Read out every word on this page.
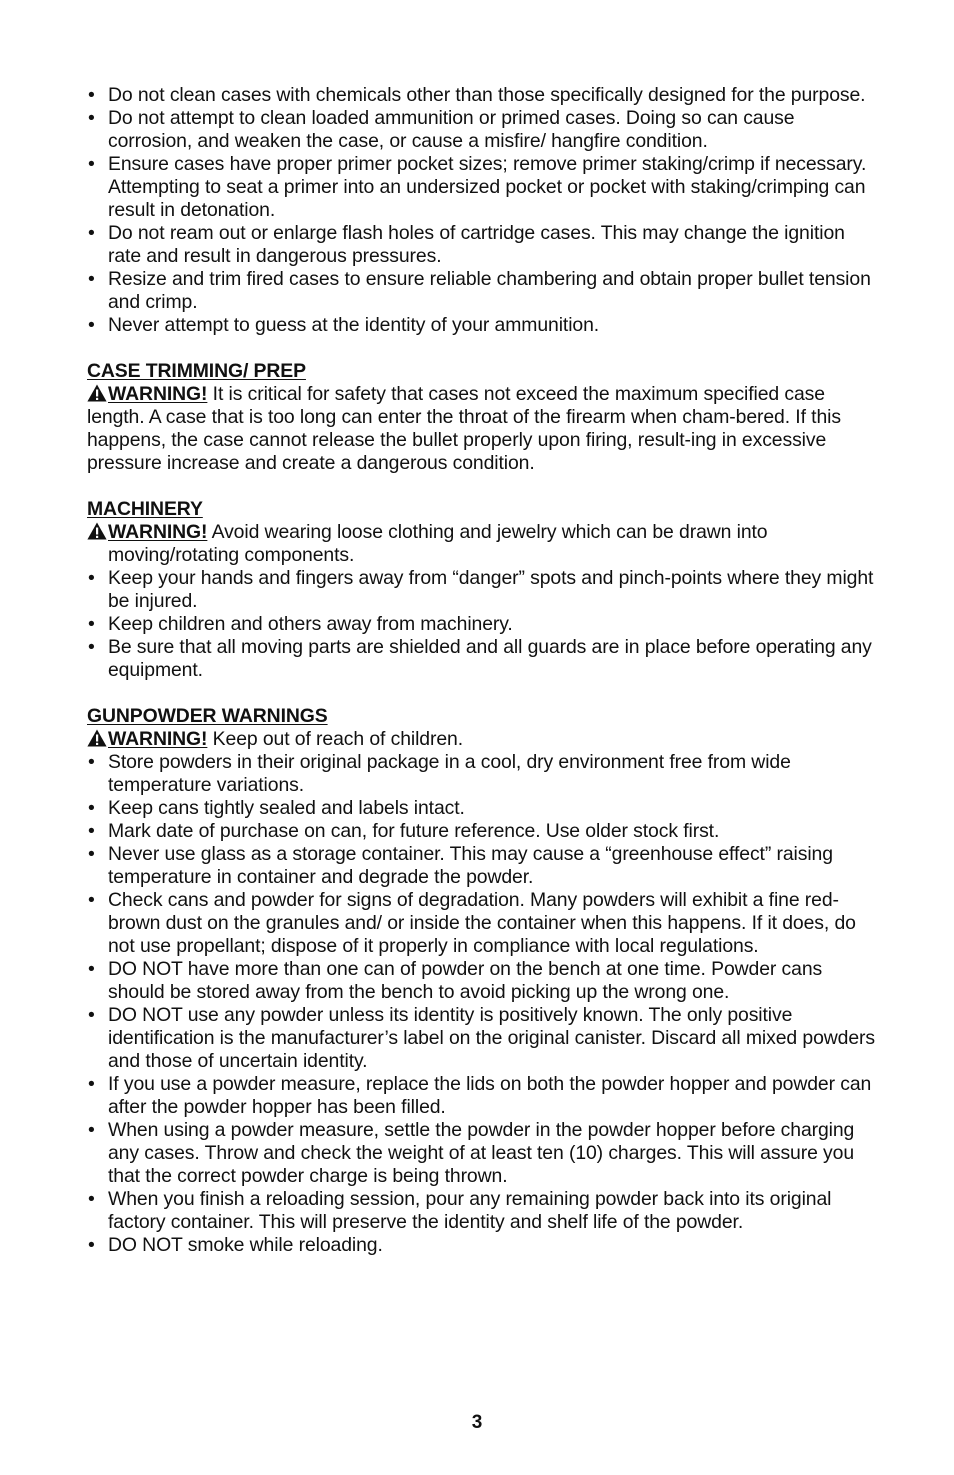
• Do not clean cases with chemicals other than those specifically designed for the purpose.
• Do not attempt to clean loaded ammunition or primed cases. Doing so can cause corrosion, and weaken the case, or cause a misfire/ hangfire condition.
• Ensure cases have proper primer pocket sizes; remove primer staking/crimp if necessary. Attempting to seat a primer into an undersized pocket or pocket with staking/crimping can result in detonation.
• Do not ream out or enlarge flash holes of cartridge cases. This may change the ignition rate and result in dangerous pressures.
• Resize and trim fired cases to ensure reliable chambering and obtain proper bullet tension and crimp.
• Never attempt to guess at the identity of your ammunition.
CASE TRIMMING/ PREP
WARNING! It is critical for safety that cases not exceed the maximum specified case length. A case that is too long can enter the throat of the firearm when cham-bered. If this happens, the case cannot release the bullet properly upon firing, result-ing in excessive pressure increase and create a dangerous condition.
MACHINERY
WARNING! Avoid wearing loose clothing and jewelry which can be drawn into moving/rotating components.
• Keep your hands and fingers away from “danger” spots and pinch-points where they might be injured.
• Keep children and others away from machinery.
• Be sure that all moving parts are shielded and all guards are in place before operating any equipment.
GUNPOWDER WARNINGS
WARNING! Keep out of reach of children.
• Store powders in their original package in a cool, dry environment free from wide temperature variations.
• Keep cans tightly sealed and labels intact.
• Mark date of purchase on can, for future reference. Use older stock first.
• Never use glass as a storage container. This may cause a “greenhouse effect” raising temperature in container and degrade the powder.
• Check cans and powder for signs of degradation. Many powders will exhibit a fine red-brown dust on the granules and/ or inside the container when this happens. If it does, do not use propellant; dispose of it properly in compliance with local regulations.
• DO NOT have more than one can of powder on the bench at one time. Powder cans should be stored away from the bench to avoid picking up the wrong one.
• DO NOT use any powder unless its identity is positively known. The only positive identification is the manufacturer’s label on the original canister. Discard all mixed powders and those of uncertain identity.
• If you use a powder measure, replace the lids on both the powder hopper and powder can after the powder hopper has been filled.
• When using a powder measure, settle the powder in the powder hopper before charging any cases. Throw and check the weight of at least ten (10) charges. This will assure you that the correct powder charge is being thrown.
• When you finish a reloading session, pour any remaining powder back into its original factory container. This will preserve the identity and shelf life of the powder.
• DO NOT smoke while reloading.
3
